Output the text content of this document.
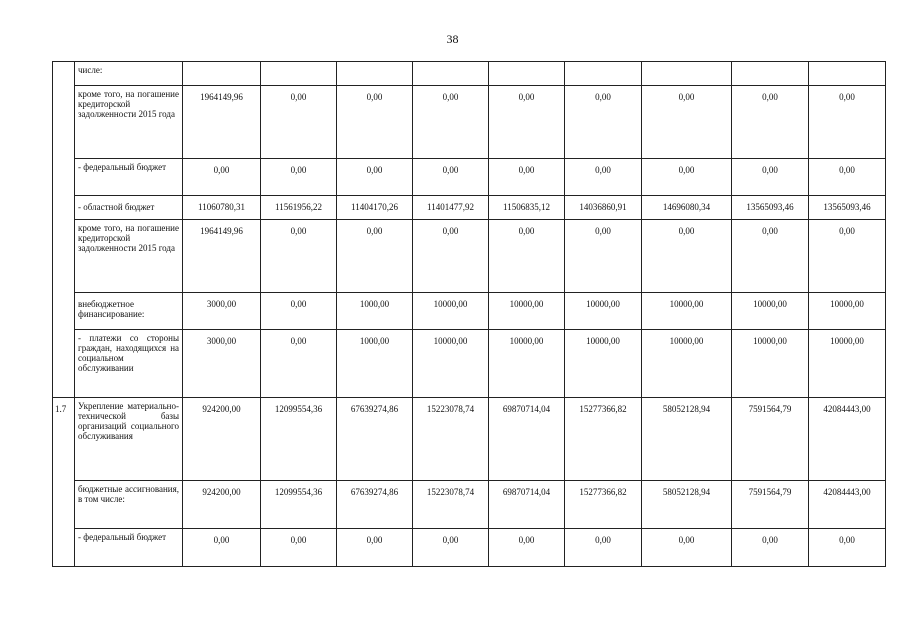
38

	числе:									

	кроме того, на погашение кредиторской задолженности 2015 года	1964149,96	0,00	0,00	0,00	0,00	0,00	0,00	0,00	0,00

	- федеральный бюджет	0,00	0,00	0,00	0,00	0,00	0,00	0,00	0,00	0,00

	- областной бюджет	11060780,31	11561956,22	11404170,26	11401477,92	11506835,12	14036860,91	14696080,34	13565093,46	13565093,46

	кроме того, на погашение кредиторской задолженности 2015 года	1964149,96	0,00	0,00	0,00	0,00	0,00	0,00	0,00	0,00

	внебюджетное финансирование:	3000,00	0,00	1000,00	10000,00	10000,00	10000,00	10000,00	10000,00	10000,00

	- платежи со стороны граждан, находящихся на социальном обслуживании	3000,00	0,00	1000,00	10000,00	10000,00	10000,00	10000,00	10000,00	10000,00
1.7	Укрепление материально-технической базы организаций социального обслуживания	924200,00	12099554,36	67639274,86	15223078,74	69870714,04	15277366,82	58052128,94	7591564,79	42084443,00

	бюджетные ассигнования, в том числе:	924200,00	12099554,36	67639274,86	15223078,74	69870714,04	15277366,82	58052128,94	7591564,79	42084443,00

	- федеральный бюджет	0,00	0,00	0,00	0,00	0,00	0,00	0,00	0,00	0,00
